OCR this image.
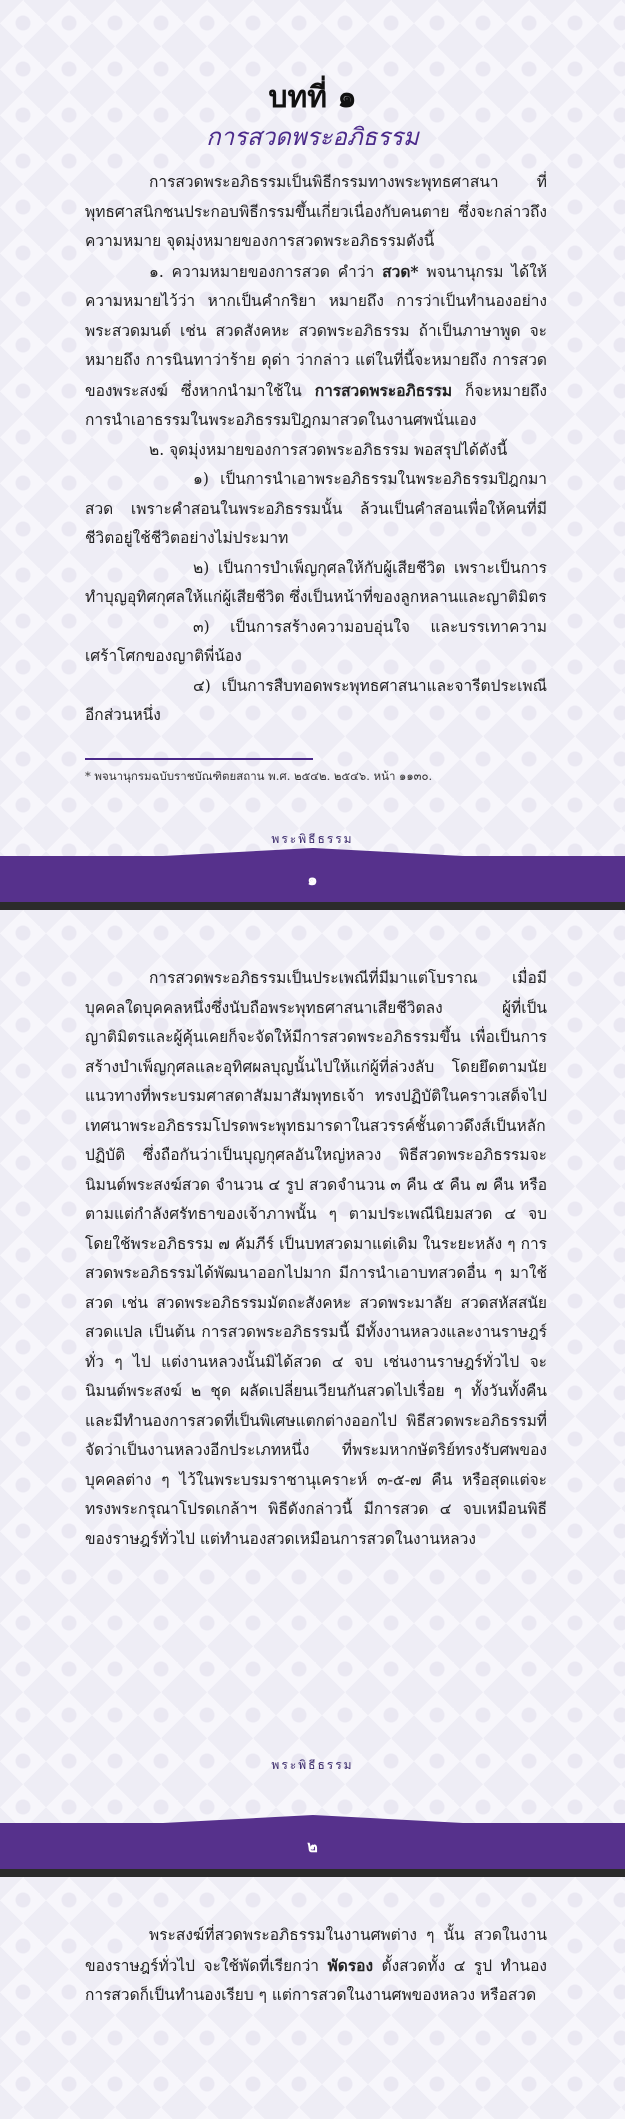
บทที่ ๑
การสวดพระอภิธรรม

การสวดพระอภิธรรมเป็นพิธีกรรมทางพระพุทธศาสนา ที่พุทธศาสนิกชนประกอบพิธีกรรมขึ้นเกี่ยวเนื่องกับคนตาย ซึ่งจะกล่าวถึงความหมาย จุดมุ่งหมายของการสวดพระอภิธรรมดังนี้

๑. ความหมายของการสวด คำว่า สวด* พจนานุกรม ได้ให้ความหมายไว้ว่า หากเป็นคำกริยา หมายถึง การว่าเป็นทำนองอย่างพระสวดมนต์ เช่น สวดสังคหะ สวดพระอภิธรรม ถ้าเป็นภาษาพูด จะหมายถึง การนินทาว่าร้าย ดุด่า ว่ากล่าว แต่ในที่นี้จะหมายถึง การสวดของพระสงฆ์ ซึ่งหากนำมาใช้ใน การสวดพระอภิธรรม ก็จะหมายถึง การนำเอาธรรมในพระอภิธรรมปิฎกมาสวดในงานศพนั่นเอง

๒. จุดมุ่งหมายของการสวดพระอภิธรรม พอสรุปได้ดังนี้

๑) เป็นการนำเอาพระอภิธรรมในพระอภิธรรมปิฎกมาสวด เพราะคำสอนในพระอภิธรรมนั้น ล้วนเป็นคำสอนเพื่อให้คนที่มีชีวิตอยู่ใช้ชีวิตอย่างไม่ประมาท

๒) เป็นการบำเพ็ญกุศลให้กับผู้เสียชีวิต เพราะเป็นการทำบุญอุทิศกุศลให้แก่ผู้เสียชีวิต ซึ่งเป็นหน้าที่ของลูกหลานและญาติมิตร

๓) เป็นการสร้างความอบอุ่นใจ และบรรเทาความเศร้าโศกของญาติพี่น้อง

๔) เป็นการสืบทอดพระพุทธศาสนาและจารีตประเพณีอีกส่วนหนึ่ง

* พจนานุกรมฉบับราชบัณฑิตยสถาน พ.ศ. ๒๕๔๒. ๒๕๔๖. หน้า ๑๑๓๐.
พระพิธีธรรม
๑

การสวดพระอภิธรรมเป็นประเพณีที่มีมาแต่โบราณ เมื่อมีบุคคลใดบุคคลหนึ่งซึ่งนับถือพระพุทธศาสนาเสียชีวิตลง ผู้ที่เป็นญาติมิตรและผู้คุ้นเคยก็จะจัดให้มีการสวดพระอภิธรรมขึ้น เพื่อเป็นการสร้างบำเพ็ญกุศลและอุทิศผลบุญนั้นไปให้แก่ผู้ที่ล่วงลับ โดยยึดตามนัยแนวทางที่พระบรมศาสดาสัมมาสัมพุทธเจ้า ทรงปฏิบัติในคราวเสด็จไปเทศนาพระอภิธรรมโปรดพระพุทธมารดาในสวรรค์ชั้นดาวดึงส์เป็นหลักปฏิบัติ ซึ่งถือกันว่าเป็นบุญกุศลอันใหญ่หลวง พิธีสวดพระอภิธรรมจะนิมนต์พระสงฆ์สวด จำนวน ๔ รูป สวดจำนวน ๓ คืน ๕ คืน ๗ คืน หรือตามแต่กำลังศรัทธาของเจ้าภาพนั้น ๆ ตามประเพณีนิยมสวด ๔ จบ โดยใช้พระอภิธรรม ๗ คัมภีร์ เป็นบทสวดมาแต่เดิม ในระยะหลัง ๆ การสวดพระอภิธรรมได้พัฒนาออกไปมาก มีการนำเอาบทสวดอื่น ๆ มาใช้สวด เช่น สวดพระอภิธรรมมัตถะสังคหะ สวดพระมาลัย สวดสหัสสนัย สวดแปล เป็นต้น การสวดพระอภิธรรมนี้ มีทั้งงานหลวงและงานราษฎร์ทั่ว ๆ ไป แต่งานหลวงนั้นมิได้สวด ๔ จบ เช่นงานราษฎร์ทั่วไป จะนิมนต์พระสงฆ์ ๒ ชุด ผลัดเปลี่ยนเวียนกันสวดไปเรื่อย ๆ ทั้งวันทั้งคืน และมีทำนองการสวดที่เป็นพิเศษแตกต่างออกไป พิธีสวดพระอภิธรรมที่จัดว่าเป็นงานหลวงอีกประเภทหนึ่ง ที่พระมหากษัตริย์ทรงรับศพของบุคคลต่าง ๆ ไว้ในพระบรมราชานุเคราะห์ ๓-๕-๗ คืน หรือสุดแต่จะทรงพระกรุณาโปรดเกล้าฯ พิธีดังกล่าวนี้ มีการสวด ๔ จบเหมือนพิธีของราษฎร์ทั่วไป แต่ทำนองสวดเหมือนการสวดในงานหลวง

พระพิธีธรรม
๒

พระสงฆ์ที่สวดพระอภิธรรมในงานศพต่าง ๆ นั้น สวดในงานของราษฎร์ทั่วไป จะใช้พัดที่เรียกว่า พัดรอง ตั้งสวดทั้ง ๔ รูป ทำนองการสวดก็เป็นทำนองเรียบ ๆ แต่การสวดในงานศพของหลวง หรือสวด
